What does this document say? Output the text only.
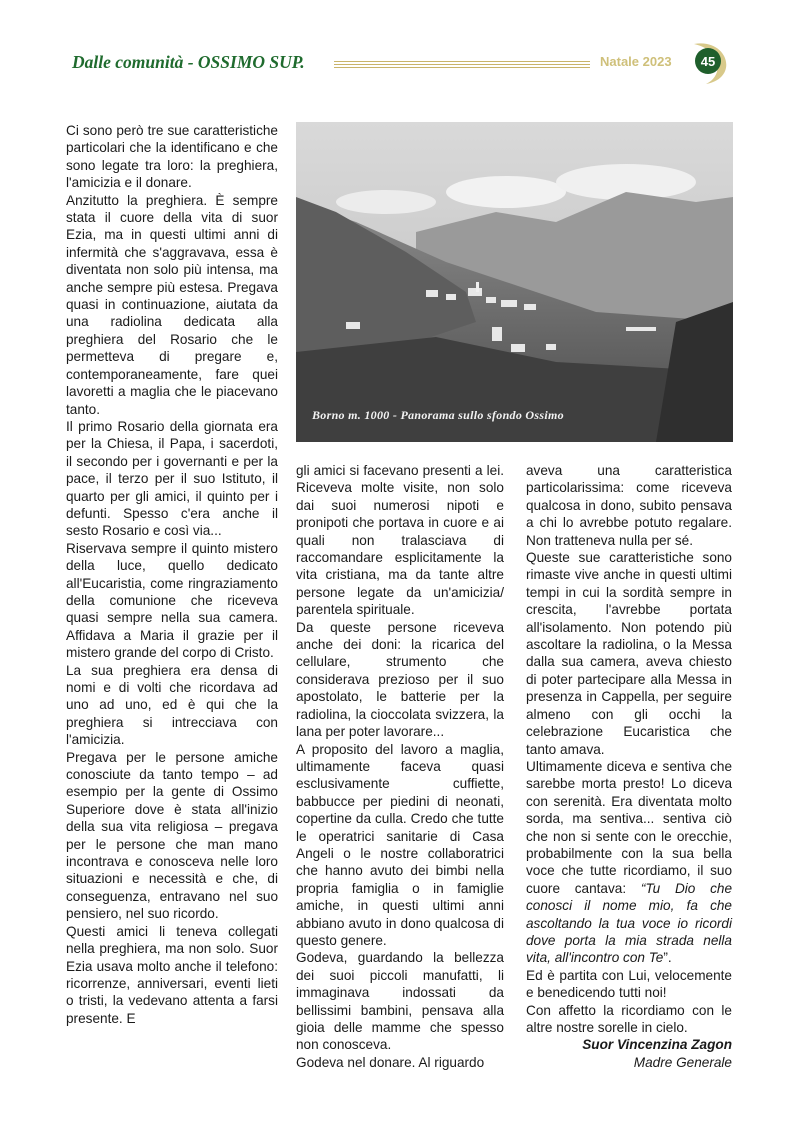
Dalle comunità - OSSIMO SUP.	Natale 2023	45

Ci sono però tre sue caratteristiche particolari che la identificano e che sono legate tra loro: la preghiera, l'amicizia e il donare.

Anzitutto la preghiera. È sempre stata il cuore della vita di suor Ezia, ma in questi ultimi anni di infermità che s'aggravava, essa è diventata non solo più intensa, ma anche sempre più estesa. Pregava quasi in continuazione, aiutata da una radiolina dedicata alla preghiera del Rosario che le permetteva di pregare e, contemporaneamente, fare quei lavoretti a maglia che le piacevano tanto.

Il primo Rosario della giornata era per la Chiesa, il Papa, i sacerdoti, il secondo per i governanti e per la pace, il terzo per il suo Istituto, il quarto per gli amici, il quinto per i defunti. Spesso c'era anche il sesto Rosario e così via...

Riservava sempre il quinto mistero della luce, quello dedicato all'Eucaristia, come ringraziamento della comunione che riceveva quasi sempre nella sua camera. Affidava a Maria il grazie per il mistero grande del corpo di Cristo.

La sua preghiera era densa di nomi e di volti che ricordava ad uno ad uno, ed è qui che la preghiera si intrecciava con l'amicizia.

Pregava per le persone amiche conosciute da tanto tempo – ad esempio per la gente di Ossimo Superiore dove è stata all'inizio della sua vita religiosa – pregava per le persone che man mano incontrava e conosceva nelle loro situazioni e necessità e che, di conseguenza, entravano nel suo pensiero, nel suo ricordo.

Questi amici li teneva collegati nella preghiera, ma non solo. Suor Ezia usava molto anche il telefono: ricorrenze, anniversari, eventi lieti o tristi, la vedevano attenta a farsi presente. E

Borno m. 1000 - Panorama sullo sfondo Ossimo

gli amici si facevano presenti a lei. Riceveva molte visite, non solo dai suoi numerosi nipoti e pronipoti che portava in cuore e ai quali non tralasciava di raccomandare esplicitamente la vita cristiana, ma da tante altre persone legate da un'amicizia/ parentela spirituale.

Da queste persone riceveva anche dei doni: la ricarica del cellulare, strumento che considerava prezioso per il suo apostolato, le batterie per la radiolina, la cioccolata svizzera, la lana per poter lavorare...

A proposito del lavoro a maglia, ultimamente faceva quasi esclusivamente cuffiette, babbucce per piedini di neonati, copertine da culla. Credo che tutte le operatrici sanitarie di Casa Angeli o le nostre collaboratrici che hanno avuto dei bimbi nella propria famiglia o in famiglie amiche, in questi ultimi anni abbiano avuto in dono qualcosa di questo genere.

Godeva, guardando la bellezza dei suoi piccoli manufatti, li immaginava indossati da bellissimi bambini, pensava alla gioia delle mamme che spesso non conosceva.

Godeva nel donare. Al riguardo

aveva una caratteristica particolarissima: come riceveva qualcosa in dono, subito pensava a chi lo avrebbe potuto regalare. Non tratteneva nulla per sé.

Queste sue caratteristiche sono rimaste vive anche in questi ultimi tempi in cui la sordità sempre in crescita, l'avrebbe portata all'isolamento. Non potendo più ascoltare la radiolina, o la Messa dalla sua camera, aveva chiesto di poter partecipare alla Messa in presenza in Cappella, per seguire almeno con gli occhi la celebrazione Eucaristica che tanto amava.

Ultimamente diceva e sentiva che sarebbe morta presto! Lo diceva con serenità. Era diventata molto sorda, ma sentiva... sentiva ciò che non si sente con le orecchie, probabilmente con la sua bella voce che tutte ricordiamo, il suo cuore cantava: “Tu Dio che conosci il nome mio, fa che ascoltando la tua voce io ricordi dove porta la mia strada nella vita, all'incontro con Te”.

Ed è partita con Lui, velocemente e benedicendo tutti noi!

Con affetto la ricordiamo con le altre nostre sorelle in cielo.

Suor Vincenzina Zagon

Madre Generale
